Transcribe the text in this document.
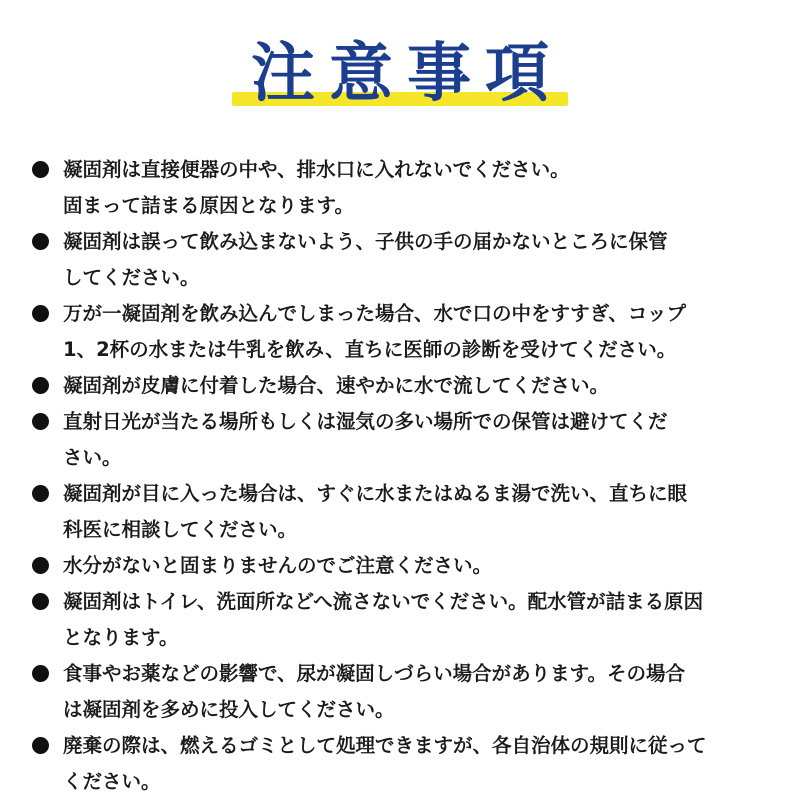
注意事項
凝固剤は直接便器の中や、排水口に入れないでください。
固まって詰まる原因となります。
凝固剤は誤って飲み込まないよう、子供の手の届かないところに保管
してください。
万が一凝固剤を飲み込んでしまった場合、水で口の中をすすぎ、コップ
1、2杯の水または牛乳を飲み、直ちに医師の診断を受けてください。
凝固剤が皮膚に付着した場合、速やかに水で流してください。
直射日光が当たる場所もしくは湿気の多い場所での保管は避けてくだ
さい。
凝固剤が目に入った場合は、すぐに水またはぬるま湯で洗い、直ちに眼
科医に相談してください。
水分がないと固まりませんのでご注意ください。
凝固剤はトイレ、洗面所などへ流さないでください。配水管が詰まる原因
となります。
食事やお薬などの影響で、尿が凝固しづらい場合があります。その場合
は凝固剤を多めに投入してください。
廃棄の際は、燃えるゴミとして処理できますが、各自治体の規則に従って
ください。
